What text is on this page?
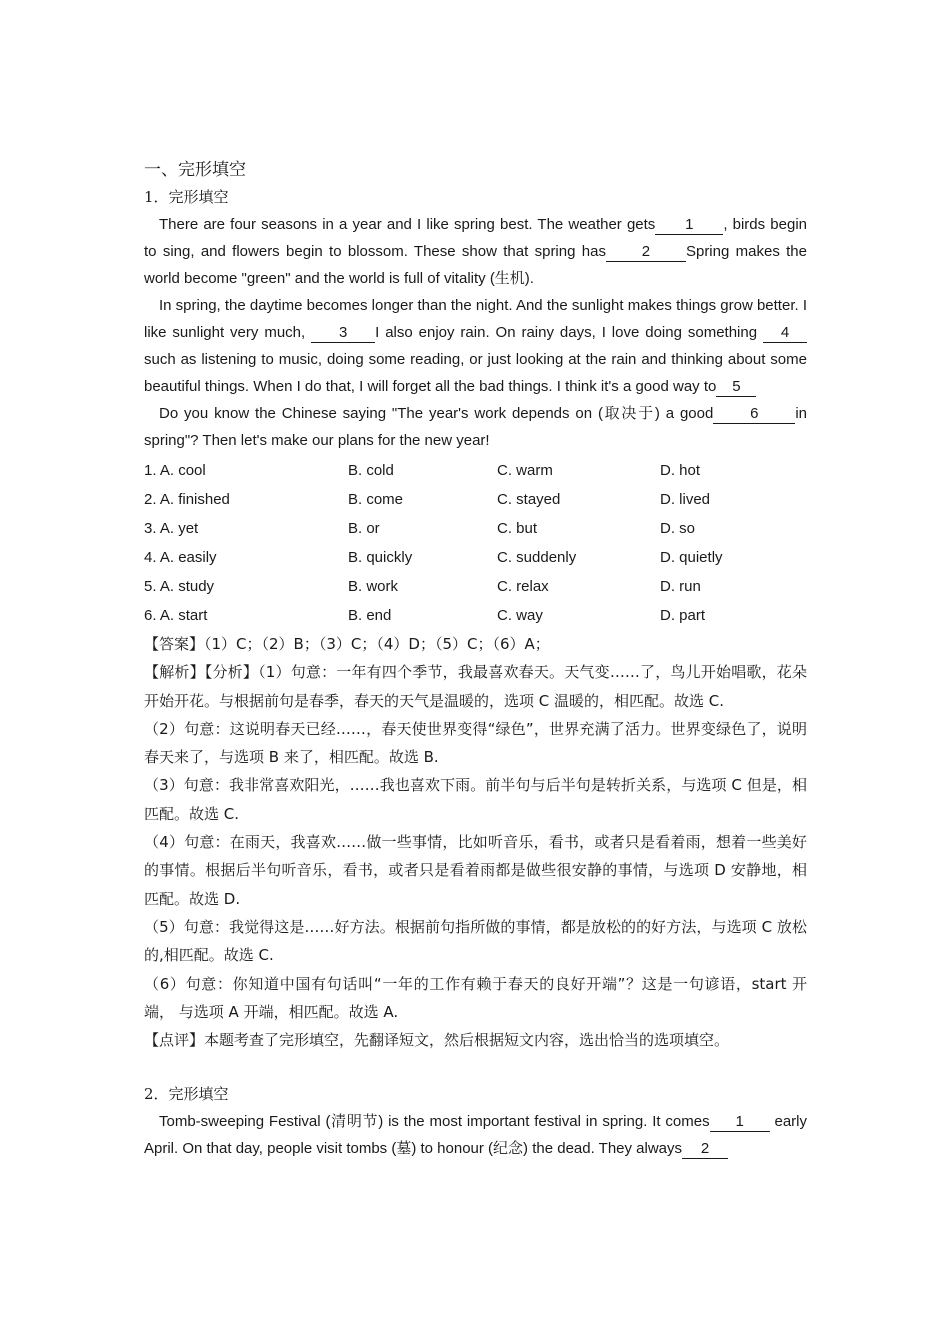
一、完形填空
1．完形填空

There are four seasons in a year and I like spring best. The weather gets 1 , birds begin to sing, and flowers begin to blossom. These show that spring has 2 Spring makes the world become "green" and the world is full of vitality (生机).

In spring, the daytime becomes longer than the night. And the sunlight makes things grow better. I like sunlight very much, 3 I also enjoy rain. On rainy days, I love doing something 4such as listening to music, doing some reading, or just looking at the rain and thinking about some beautiful things. When I do that, I will forget all the bad things. I think it's a good way to 5

Do you know the Chinese saying "The year's work depends on (取决于) a good 6 in spring"? Then let's make our plans for the new year!

1. A. cool	B. cold	C. warm	D. hot
2. A. finished	B. come	C. stayed	D. lived
3. A. yet	B. or	C. but	D. so
4. A. easily	B. quickly	C. suddenly	D. quietly
5. A. study	B. work	C. relax	D. run
6. A. start	B. end	C. way	D. part

【答案】（1）C；（2）B；（3）C；（4）D；（5）C；（6）A；

【解析】【分析】（1）句意：一年有四个季节，我最喜欢春天。天气变……了，鸟儿开始唱歌，花朵开始开花。与根据前句是春季，春天的天气是温暖的，选项 C 温暖的，相匹配。故选 C.

（2）句意：这说明春天已经……，春天使世界变得“绿色”，世界充满了活力。世界变绿色了，说明春天来了，与选项 B 来了，相匹配。故选 B.

（3）句意：我非常喜欢阳光，……我也喜欢下雨。前半句与后半句是转折关系，与选项 C 但是，相匹配。故选 C.

（4）句意：在雨天，我喜欢……做一些事情，比如听音乐，看书，或者只是看着雨，想着一些美好的事情。根据后半句听音乐，看书，或者只是看着雨都是做些很安静的事情，与选项 D 安静地，相匹配。故选 D.

（5）句意：我觉得这是……好方法。根据前句指所做的事情，都是放松的的好方法，与选项 C 放松的,相匹配。故选 C.

（6）句意：你知道中国有句话叫“一年的工作有赖于春天的良好开端”？这是一句谚语，start 开端， 与选项 A 开端，相匹配。故选 A.

【点评】本题考查了完形填空，先翻译短文，然后根据短文内容，选出恰当的选项填空。

2．完形填空

Tomb-sweeping Festival (清明节) is the most important festival in spring. It comes 1 early April. On that day, people visit tombs (墓) to honour (纪念) the dead. They always 2
